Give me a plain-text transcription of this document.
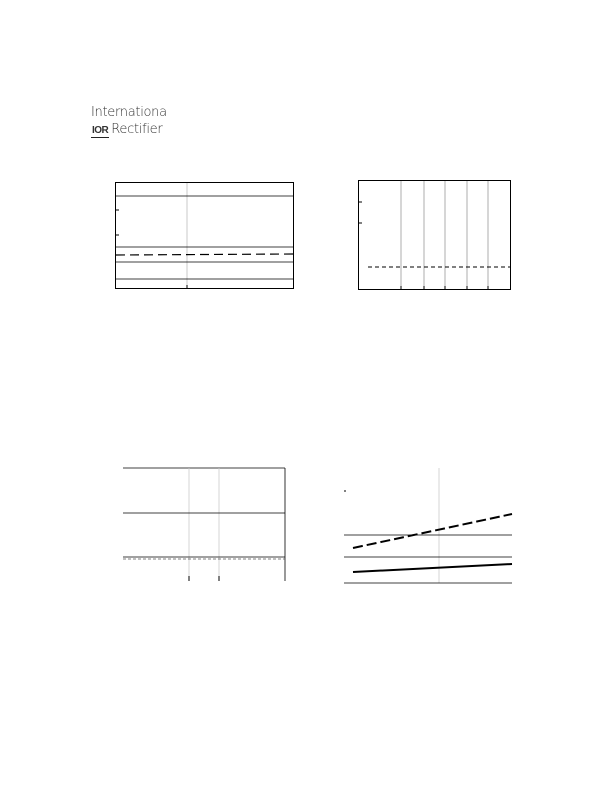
Internationa
IOR Rectifier
